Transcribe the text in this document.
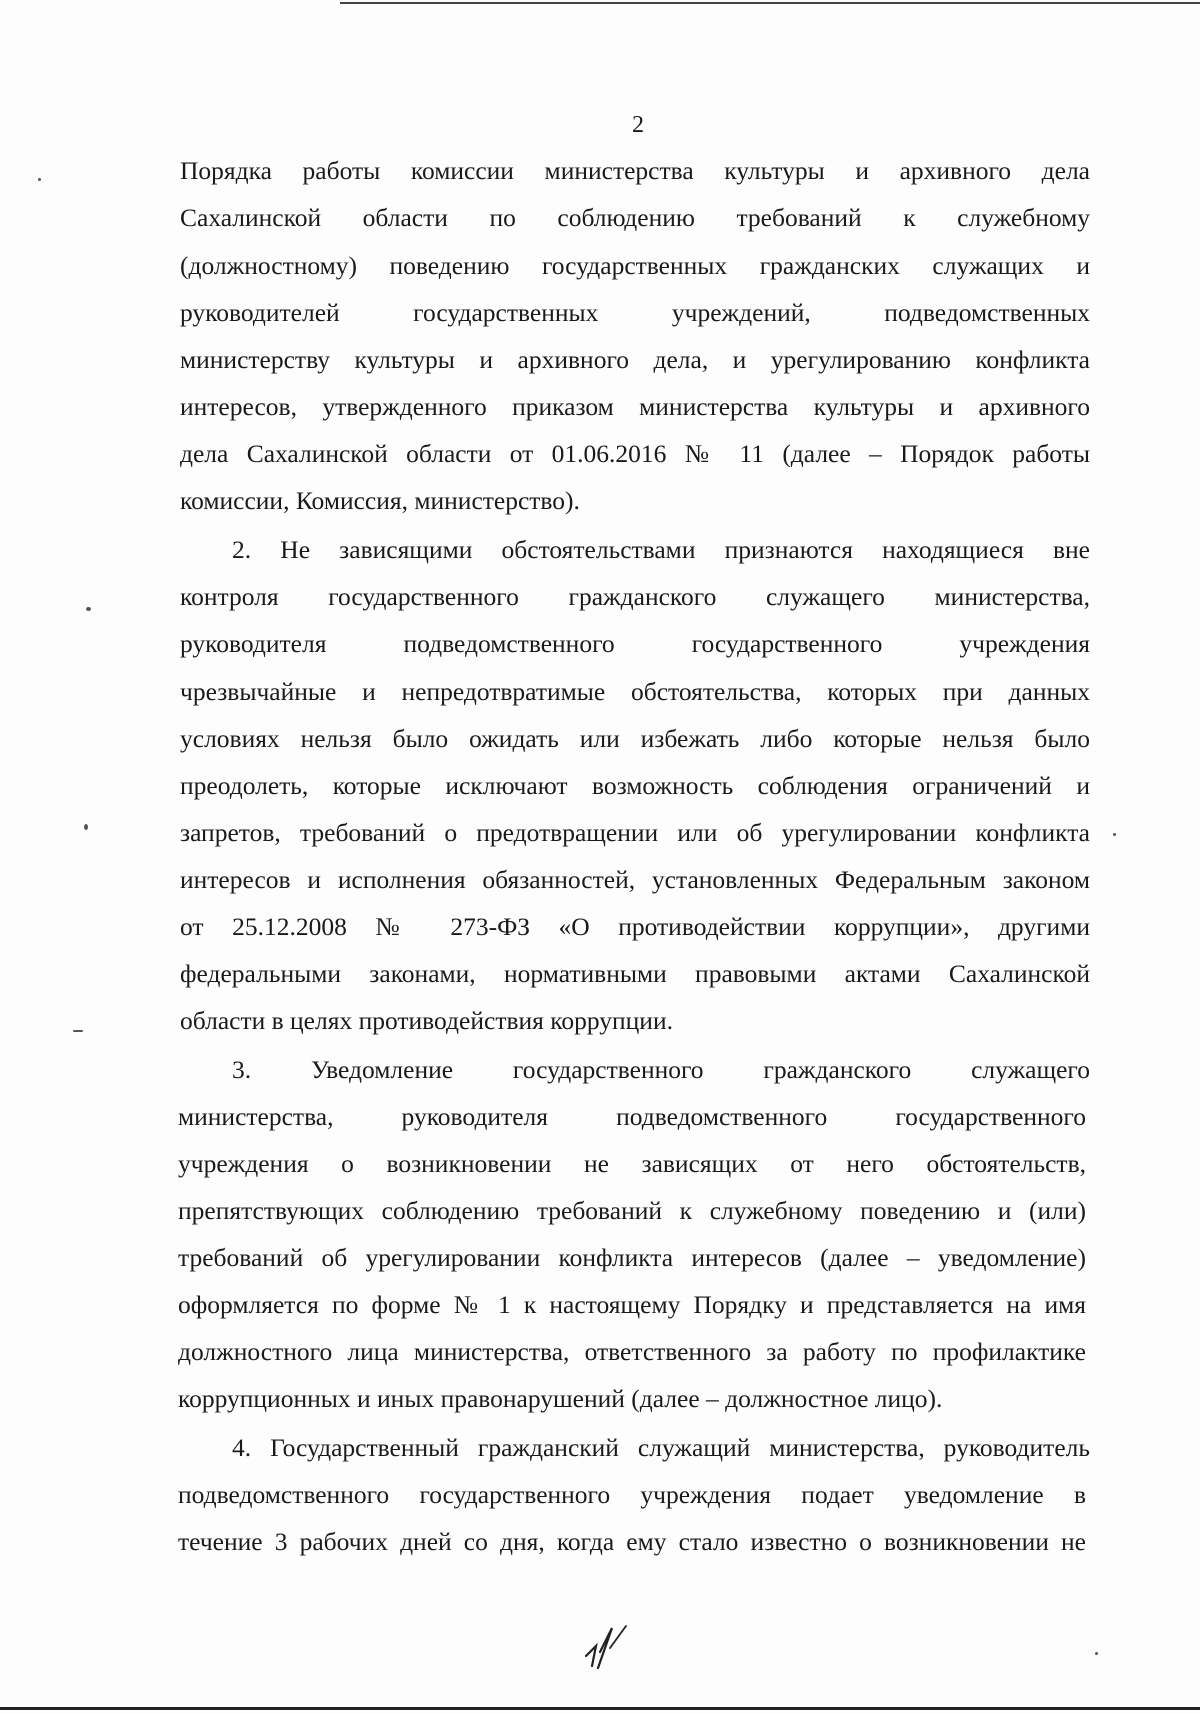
2
Порядка работы комиссии министерства культуры и архивного дела
Сахалинской области по соблюдению требований к служебному
(должностному) поведению государственных гражданских служащих и
руководителей государственных учреждений, подведомственных
министерству культуры и архивного дела, и урегулированию конфликта
интересов, утвержденного приказом министерства культуры и архивного
дела Сахалинской области от 01.06.2016 № 11 (далее – Порядок работы
комиссии, Комиссия, министерство).
2. Не зависящими обстоятельствами признаются находящиеся вне
контроля государственного гражданского служащего министерства,
руководителя подведомственного государственного учреждения
чрезвычайные и непредотвратимые обстоятельства, которых при данных
условиях нельзя было ожидать или избежать либо которые нельзя было
преодолеть, которые исключают возможность соблюдения ограничений и
запретов, требований о предотвращении или об урегулировании конфликта
интересов и исполнения обязанностей, установленных Федеральным законом
от 25.12.2008 № 273-ФЗ «О противодействии коррупции», другими
федеральными законами, нормативными правовыми актами Сахалинской
области в целях противодействия коррупции.
3. Уведомление государственного гражданского служащего
министерства, руководителя подведомственного государственного
учреждения о возникновении не зависящих от него обстоятельств,
препятствующих соблюдению требований к служебному поведению и (или)
требований об урегулировании конфликта интересов (далее – уведомление)
оформляется по форме № 1 к настоящему Порядку и представляется на имя
должностного лица министерства, ответственного за работу по профилактике
коррупционных и иных правонарушений (далее – должностное лицо).
4. Государственный гражданский служащий министерства, руководитель
подведомственного государственного учреждения подает уведомление в
течение 3 рабочих дней со дня, когда ему стало известно о возникновении не
